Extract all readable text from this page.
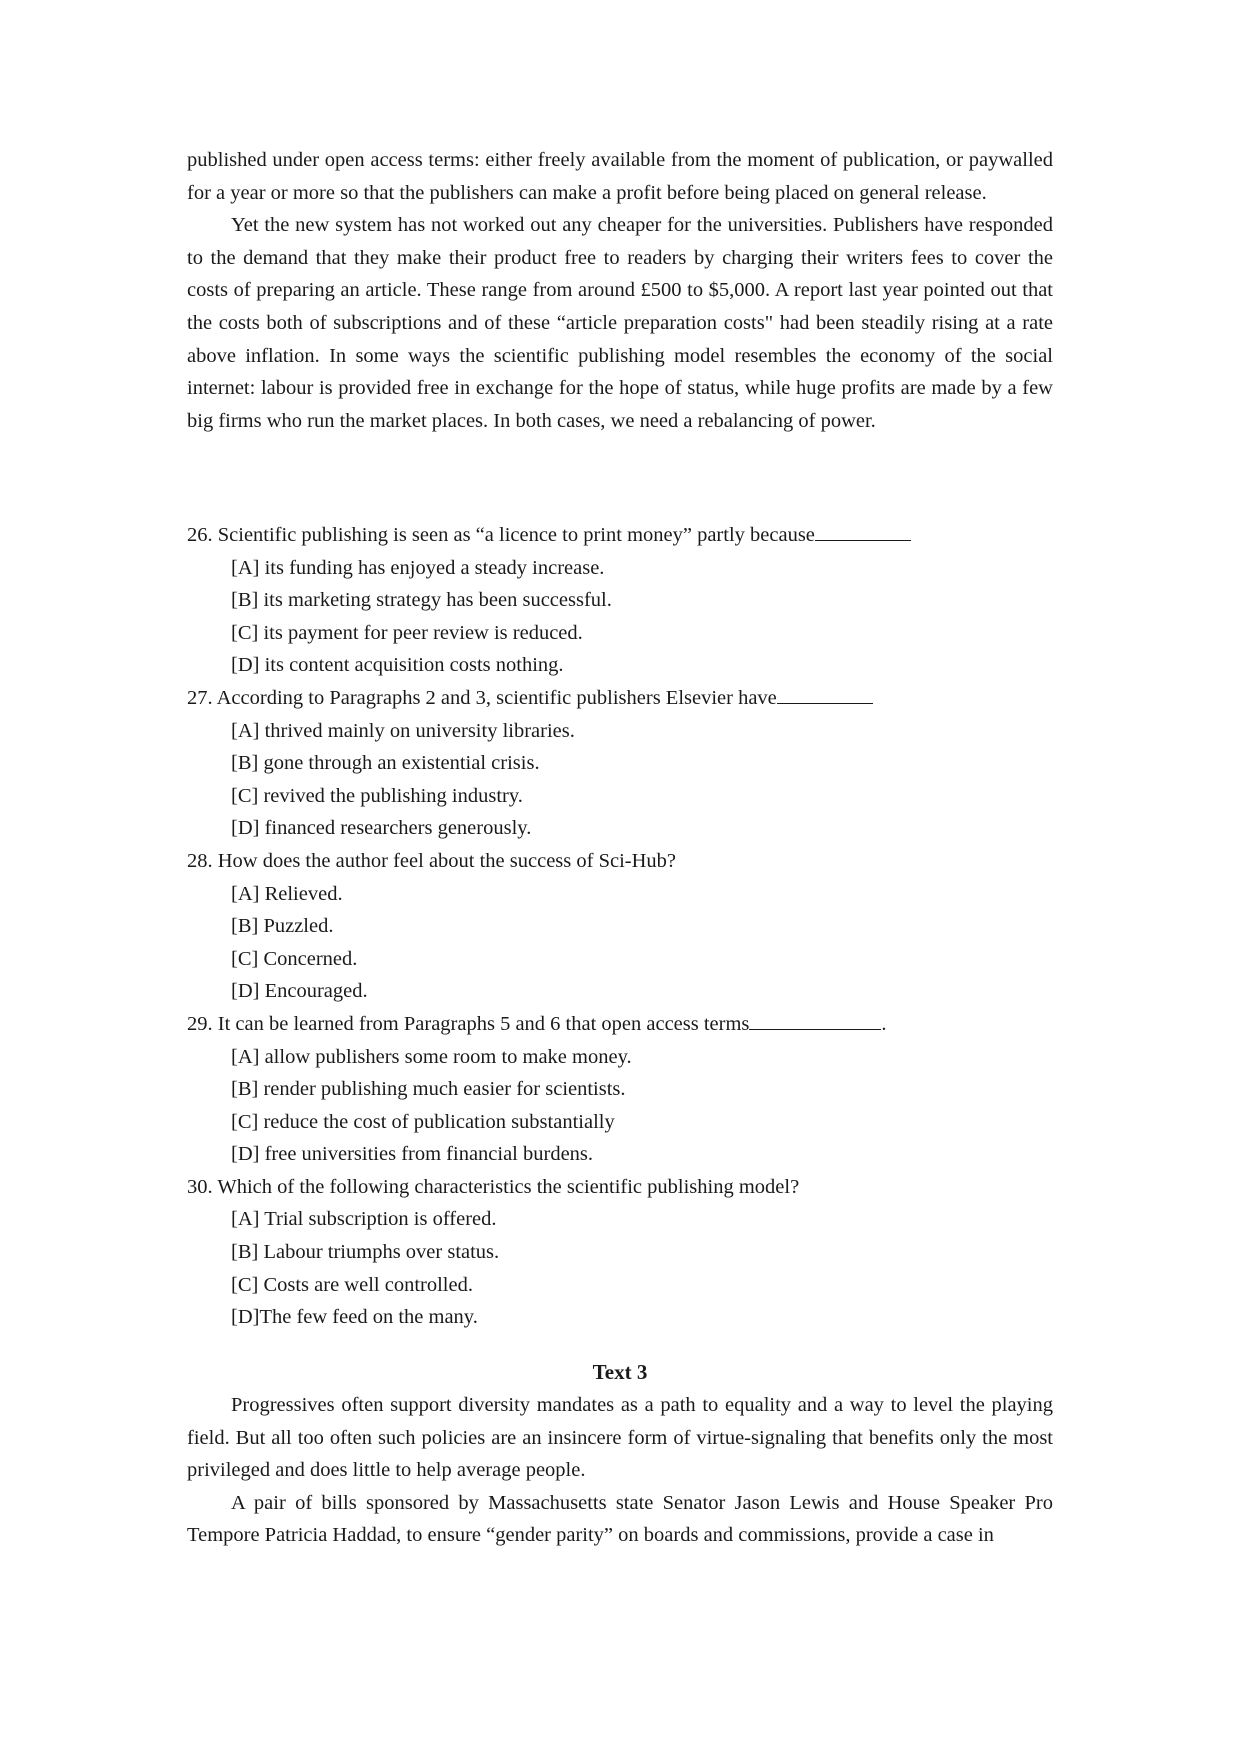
published under open access terms: either freely available from the moment of publication, or paywalled for a year or more so that the publishers can make a profit before being placed on general release.

Yet the new system has not worked out any cheaper for the universities. Publishers have responded to the demand that they make their product free to readers by charging their writers fees to cover the costs of preparing an article. These range from around £500 to $5,000. A report last year pointed out that the costs both of subscriptions and of these “article preparation costs" had been steadily rising at a rate above inflation. In some ways the scientific publishing model resembles the economy of the social internet: labour is provided free in exchange for the hope of status, while huge profits are made by a few big firms who run the market places. In both cases, we need a rebalancing of power.

26. Scientific publishing is seen as “a licence to print money” partly because

[A] its funding has enjoyed a steady increase.

[B] its marketing strategy has been successful.

[C] its payment for peer review is reduced.

[D] its content acquisition costs nothing.

27. According to Paragraphs 2 and 3, scientific publishers Elsevier have

[A] thrived mainly on university libraries.

[B] gone through an existential crisis.

[C] revived the publishing industry.

[D] financed researchers generously.

28. How does the author feel about the success of Sci-Hub?

[A] Relieved.

[B] Puzzled.

[C] Concerned.

[D] Encouraged.

29. It can be learned from Paragraphs 5 and 6 that open access terms	.

[A] allow publishers some room to make money.

[B] render publishing much easier for scientists.

[C] reduce the cost of publication substantially

[D] free universities from financial burdens.

30. Which of the following characteristics the scientific publishing model?

[A] Trial subscription is offered.

[B] Labour triumphs over status.

[C] Costs are well controlled.

[D]The few feed on the many.

Text 3

Progressives often support diversity mandates as a path to equality and a way to level the playing field. But all too often such policies are an insincere form of virtue-signaling that benefits only the most privileged and does little to help average people.

A pair of bills sponsored by Massachusetts state Senator Jason Lewis and House Speaker Pro Tempore Patricia Haddad, to ensure “gender parity” on boards and commissions, provide a case in
